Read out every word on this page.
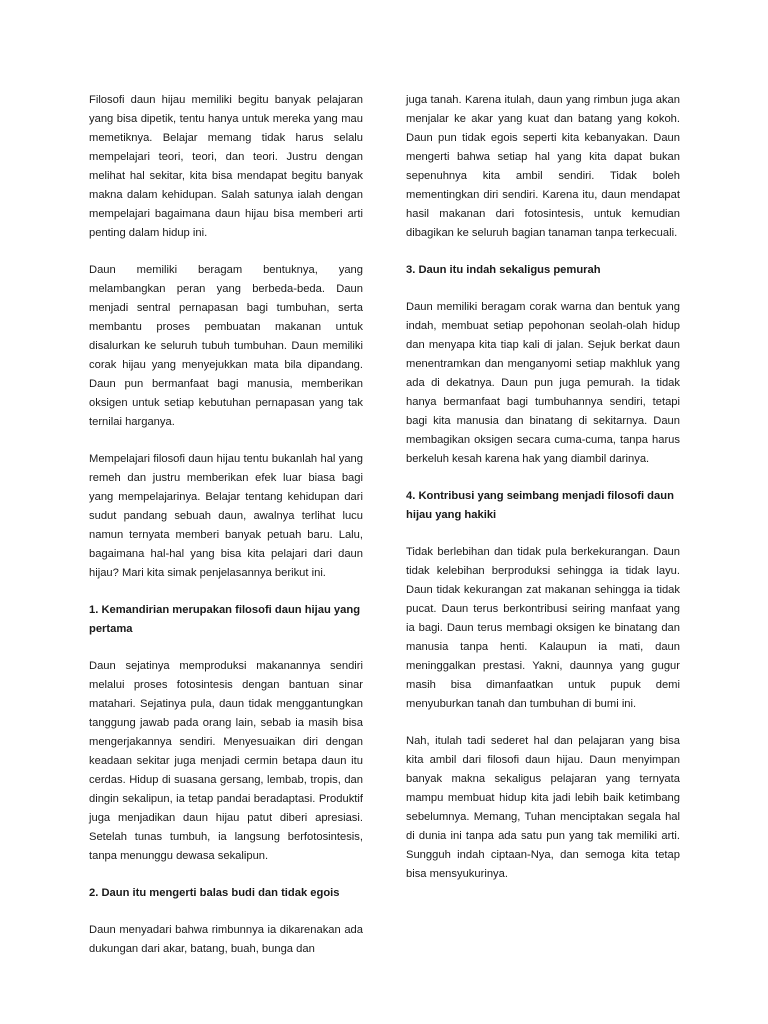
Filosofi daun hijau memiliki begitu banyak pelajaran yang bisa dipetik, tentu hanya untuk mereka yang mau memetiknya. Belajar memang tidak harus selalu mempelajari teori, teori, dan teori. Justru dengan melihat hal sekitar, kita bisa mendapat begitu banyak makna dalam kehidupan. Salah satunya ialah dengan mempelajari bagaimana daun hijau bisa memberi arti penting dalam hidup ini.

Daun memiliki beragam bentuknya, yang melambangkan peran yang berbeda-beda. Daun menjadi sentral pernapasan bagi tumbuhan, serta membantu proses pembuatan makanan untuk disalurkan ke seluruh tubuh tumbuhan. Daun memiliki corak hijau yang menyejukkan mata bila dipandang. Daun pun bermanfaat bagi manusia, memberikan oksigen untuk setiap kebutuhan pernapasan yang tak ternilai harganya.

Mempelajari filosofi daun hijau tentu bukanlah hal yang remeh dan justru memberikan efek luar biasa bagi yang mempelajarinya. Belajar tentang kehidupan dari sudut pandang sebuah daun, awalnya terlihat lucu namun ternyata memberi banyak petuah baru. Lalu, bagaimana hal-hal yang bisa kita pelajari dari daun hijau? Mari kita simak penjelasannya berikut ini.

1. Kemandirian merupakan filosofi daun hijau yang pertama

Daun sejatinya memproduksi makanannya sendiri melalui proses fotosintesis dengan bantuan sinar matahari. Sejatinya pula, daun tidak menggantungkan tanggung jawab pada orang lain, sebab ia masih bisa mengerjakannya sendiri. Menyesuaikan diri dengan keadaan sekitar juga menjadi cermin betapa daun itu cerdas. Hidup di suasana gersang, lembab, tropis, dan dingin sekalipun, ia tetap pandai beradaptasi. Produktif juga menjadikan daun hijau patut diberi apresiasi. Setelah tunas tumbuh, ia langsung berfotosintesis, tanpa menunggu dewasa sekalipun.

2. Daun itu mengerti balas budi dan tidak egois

Daun menyadari bahwa rimbunnya ia dikarenakan ada dukungan dari akar, batang, buah, bunga dan

juga tanah. Karena itulah, daun yang rimbun juga akan menjalar ke akar yang kuat dan batang yang kokoh. Daun pun tidak egois seperti kita kebanyakan. Daun mengerti bahwa setiap hal yang kita dapat bukan sepenuhnya kita ambil sendiri. Tidak boleh mementingkan diri sendiri. Karena itu, daun mendapat hasil makanan dari fotosintesis, untuk kemudian dibagikan ke seluruh bagian tanaman tanpa terkecuali.

3. Daun itu indah sekaligus pemurah

Daun memiliki beragam corak warna dan bentuk yang indah, membuat setiap pepohonan seolah-olah hidup dan menyapa kita tiap kali di jalan. Sejuk berkat daun menentramkan dan menganyomi setiap makhluk yang ada di dekatnya. Daun pun juga pemurah. Ia tidak hanya bermanfaat bagi tumbuhannya sendiri, tetapi bagi kita manusia dan binatang di sekitarnya. Daun membagikan oksigen secara cuma-cuma, tanpa harus berkeluh kesah karena hak yang diambil darinya.

4. Kontribusi yang seimbang menjadi filosofi daun hijau yang hakiki

Tidak berlebihan dan tidak pula berkekurangan. Daun tidak kelebihan berproduksi sehingga ia tidak layu. Daun tidak kekurangan zat makanan sehingga ia tidak pucat. Daun terus berkontribusi seiring manfaat yang ia bagi. Daun terus membagi oksigen ke binatang dan manusia tanpa henti. Kalaupun ia mati, daun meninggalkan prestasi. Yakni, daunnya yang gugur masih bisa dimanfaatkan untuk pupuk demi menyuburkan tanah dan tumbuhan di bumi ini.

Nah, itulah tadi sederet hal dan pelajaran yang bisa kita ambil dari filosofi daun hijau. Daun menyimpan banyak makna sekaligus pelajaran yang ternyata mampu membuat hidup kita jadi lebih baik ketimbang sebelumnya. Memang, Tuhan menciptakan segala hal di dunia ini tanpa ada satu pun yang tak memiliki arti. Sungguh indah ciptaan-Nya, dan semoga kita tetap bisa mensyukurinya.
